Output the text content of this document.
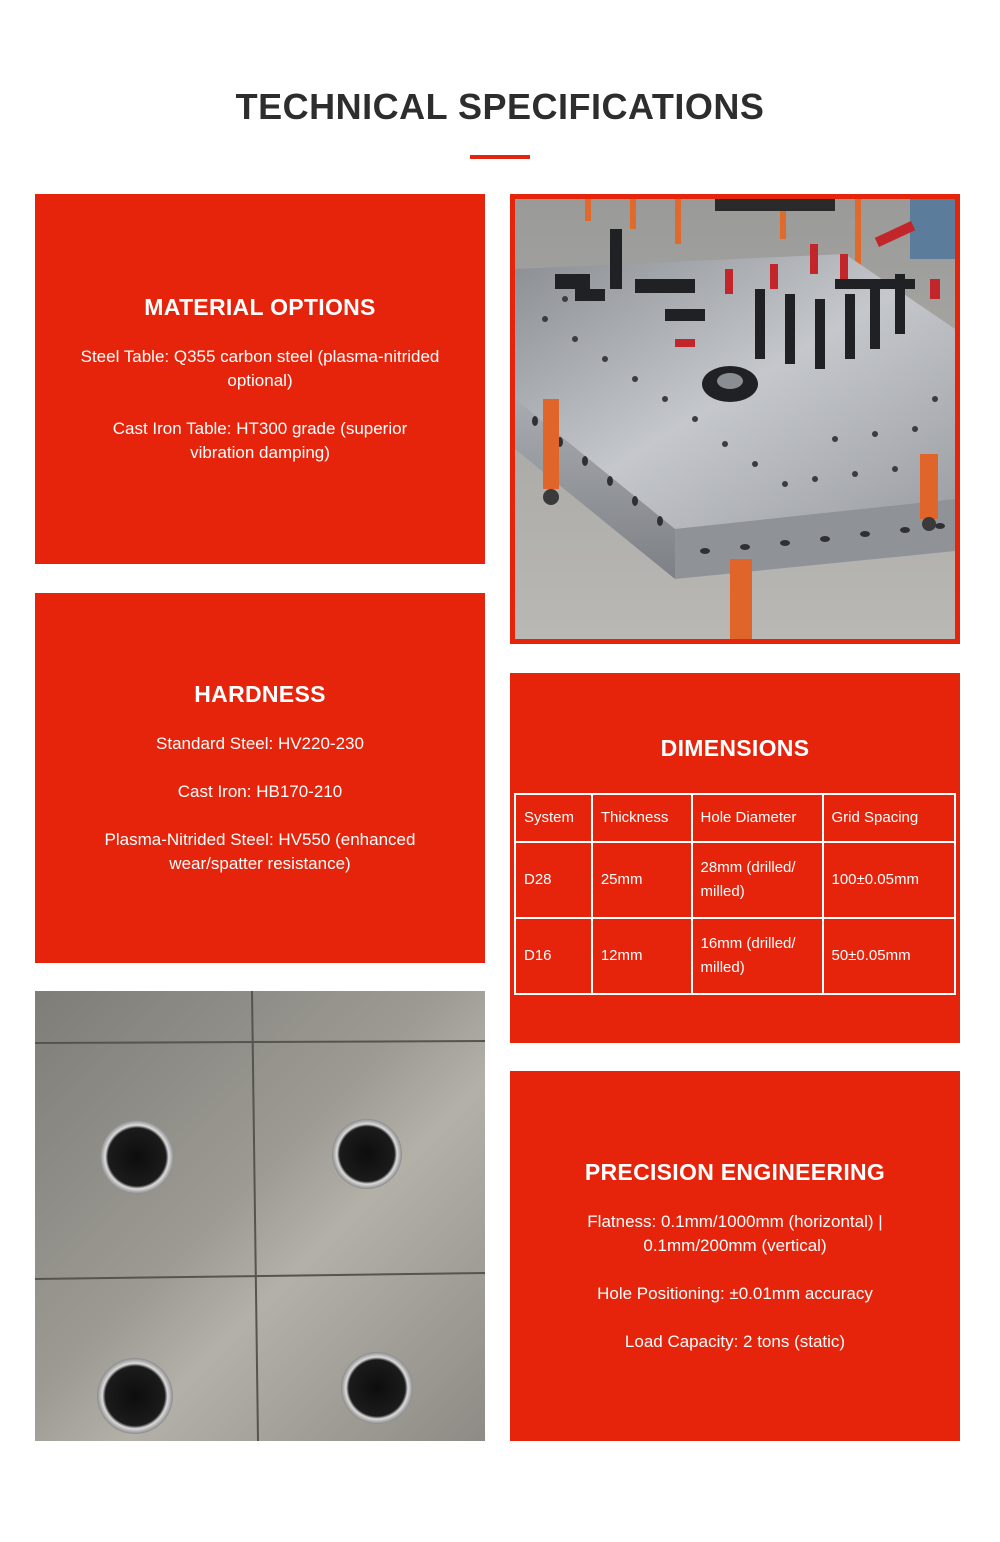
TECHNICAL SPECIFICATIONS
MATERIAL OPTIONS

Steel Table: Q355 carbon steel (plasma-nitrided optional)

Cast Iron Table: HT300 grade (superior vibration damping)

HARDNESS

Standard Steel: HV220-230

Cast Iron: HB170-210

Plasma-Nitrided Steel: HV550 (enhanced wear/spatter resistance)

DIMENSIONS
System	Thickness	Hole Diameter	Grid Spacing
D28	25mm	28mm (drilled/ milled)	100±0.05mm
D16	12mm	16mm (drilled/ milled)	50±0.05mm
PRECISION ENGINEERING

Flatness: 0.1mm/1000mm (horizontal) | 0.1mm/200mm (vertical)

Hole Positioning: ±0.01mm accuracy

Load Capacity: 2 tons (static)
